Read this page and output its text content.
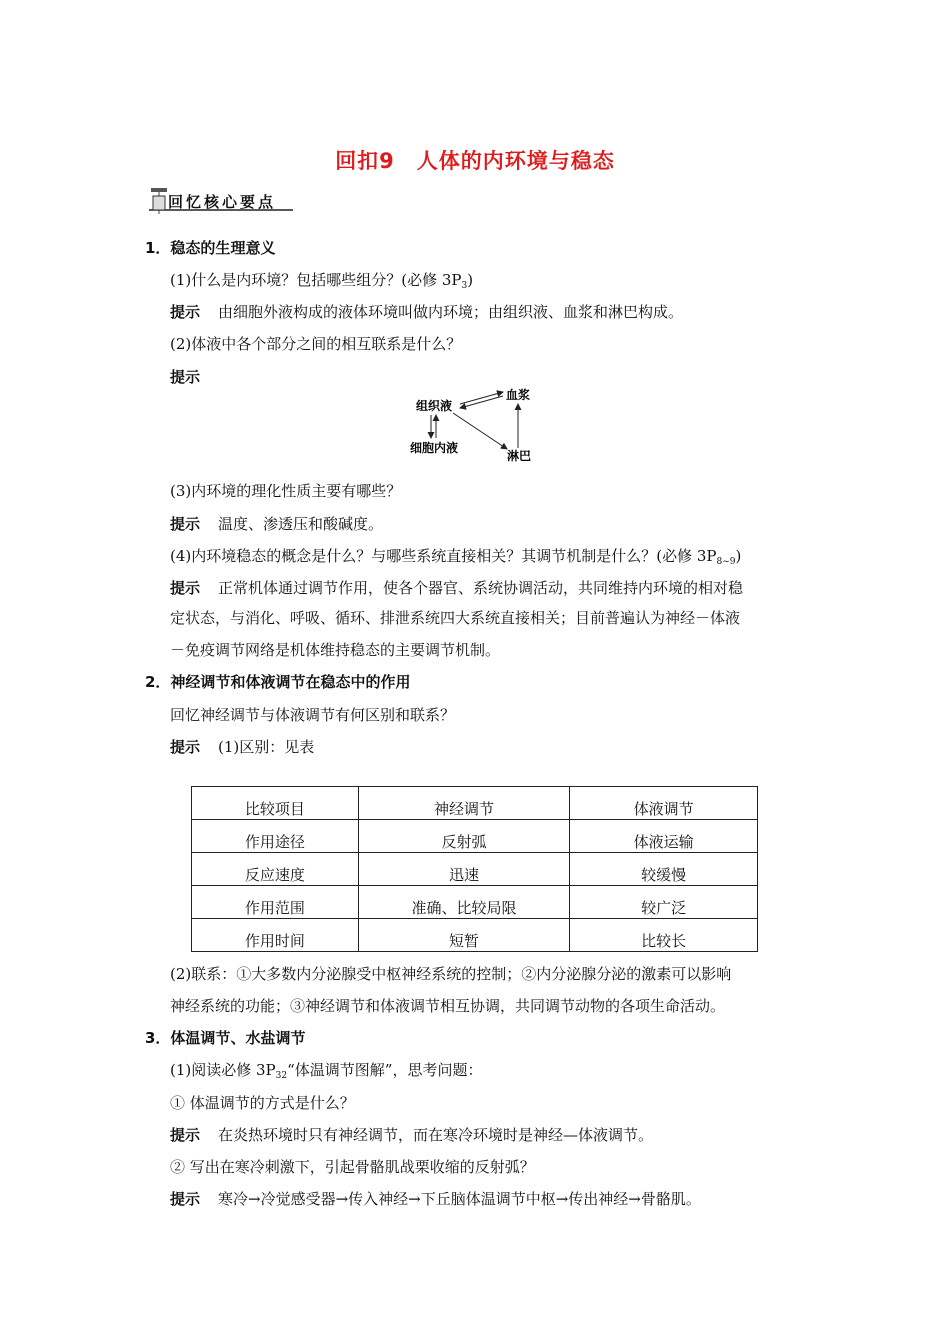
回扣9　人体的内环境与稳态
回忆核心要点
1．稳态的生理意义
(1)什么是内环境？包括哪些组分？(必修 $3P_3$)
提示 由细胞外液构成的液体环境叫做内环境；由组织液、血浆和淋巴构成。
(2)体液中各个部分之间的相互联系是什么？
提示
组织液
血浆
细胞内液
淋巴
(3)内环境的理化性质主要有哪些？
提示 温度、渗透压和酸碱度。
(4)内环境稳态的概念是什么？与哪些系统直接相关？其调节机制是什么？(必修 $3P_{8\sim 9}$)
提示 正常机体通过调节作用，使各个器官、系统协调活动，共同维持内环境的相对稳
定状态，与消化、呼吸、循环、排泄系统四大系统直接相关；目前普遍认为神经－体液
－免疫调节网络是机体维持稳态的主要调节机制。
2．神经调节和体液调节在稳态中的作用
回忆神经调节与体液调节有何区别和联系？
提示 (1)区别：见表
比较项目	神经调节	体液调节
作用途径	反射弧	体液运输
反应速度	迅速	较缓慢
作用范围	准确、比较局限	较广泛
作用时间	短暂	比较长
(2)联系：①大多数内分泌腺受中枢神经系统的控制；②内分泌腺分泌的激素可以影响
神经系统的功能；③神经调节和体液调节相互协调，共同调节动物的各项生命活动。
3．体温调节、水盐调节
(1)阅读必修 $3P_{32}“$体温调节图解”，思考问题：
① 体温调节的方式是什么？
提示 在炎热环境时只有神经调节，而在寒冷环境时是神经—体液调节。
② 写出在寒冷刺激下，引起骨骼肌战栗收缩的反射弧？
提示 寒冷→冷觉感受器→传入神经→下丘脑体温调节中枢→传出神经→骨骼肌。
